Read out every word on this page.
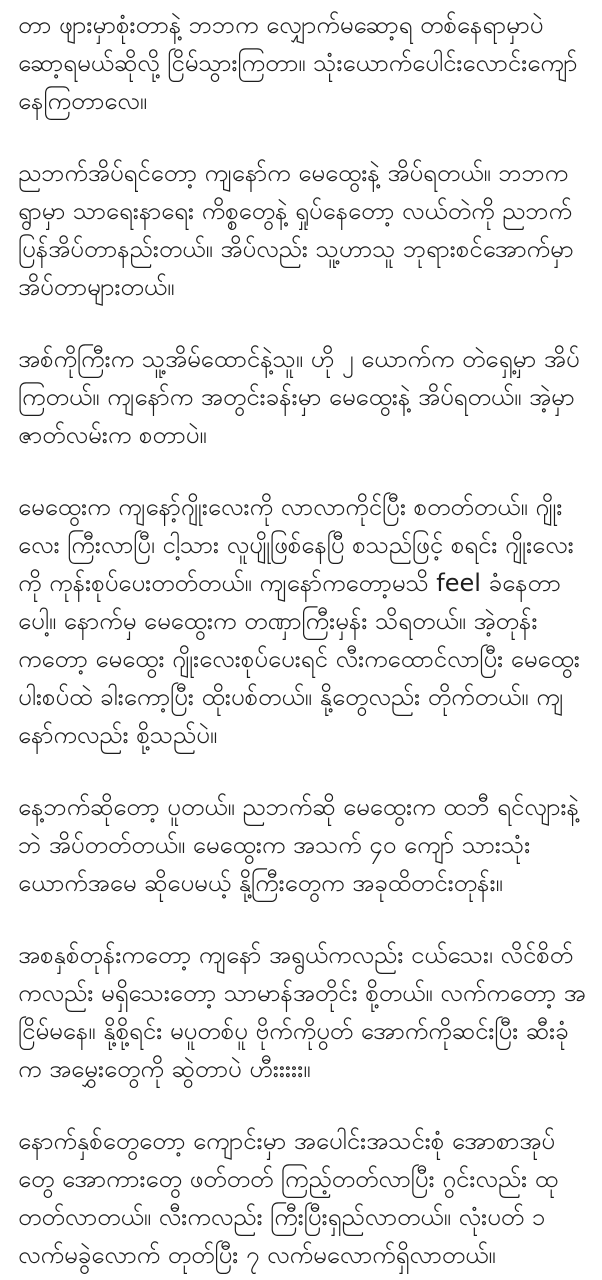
တာ ဖျားမှာစုံးတာနဲ့ ဘဘက လျှောက်မဆော့ရ တစ်နေရာမှာပဲ ဆော့ရမယ်ဆိုလို့ ငြိမ်သွားကြတာ။ သုံးယောက်ပေါင်းလောင်းကျော် နေကြတာလေ။

ညဘက်အိပ်ရင်တော့ ကျနော်က မေထွေးနဲ့ အိပ်ရတယ်။ ဘဘက ရွာမှာ သာရေးနာရေး ကိစ္စတွေနဲ့ ရှုပ်နေတော့ လယ်တဲကို ညဘက် ပြန်အိပ်တာနည်းတယ်။ အိပ်လည်း သူ့ဟာသူ ဘုရားစင်အောက်မှာ အိပ်တာများတယ်။

အစ်ကိုကြီးက သူ့အိမ်ထောင်နဲ့သူ။ ဟို ၂ ယောက်က တဲရှေ့မှာ အိပ်ကြတယ်။ ကျနော်က အတွင်းခန်းမှာ မေထွေးနဲ့ အိပ်ရတယ်။ အဲ့မှာ ဇာတ်လမ်းက စတာပဲ။

မေထွေးက ကျနော့်ဂျိုးလေးကို လာလာကိုင်ပြီး စတတ်တယ်။ ဂျိုးလေး ကြီးလာပြီ၊ ငါ့သား လူပျိုဖြစ်နေပြီ စသည်ဖြင့် စရင်း ဂျိုးလေးကို ကုန်းစုပ်ပေးတတ်တယ်။ ကျနော်ကတော့မသိ feel ခံနေတာပေါ့။ နောက်မှ မေထွေးက တဏှာကြီးမှန်း သိရတယ်။ အဲ့တုန်းကတော့ မေထွေး ဂျိုးလေးစုပ်ပေးရင် လီးကထောင်လာပြီး မေထွေးပါးစပ်ထဲ ခါးကော့ပြီး ထိုးပစ်တယ်။ နို့တွေလည်း တိုက်တယ်။ ကျနော်ကလည်း စို့သည်ပဲ။

နေ့ဘက်ဆိုတော့ ပူတယ်။ ညဘက်ဆို မေထွေးက ထဘီ ရင်လျားနဲ့ဘဲ အိပ်တတ်တယ်။ မေထွေးက အသက် ၄၀ ကျော် သားသုံးယောက်အမေ ဆိုပေမယ့် နို့ကြီးတွေက အခုထိတင်းတုန်း။

အစနှစ်တုန်းကတော့ ကျနော် အရွယ်ကလည်း ငယ်သေး၊ လိင်စိတ်ကလည်း မရှိသေးတော့ သာမာန်အတိုင်း စို့တယ်။ လက်ကတော့ အငြိမ်မနေ။ နို့စို့ရင်း မပူတစ်ပူ ဗိုက်ကိုပွတ် အောက်ကိုဆင်းပြီး ဆီးခုံက အမွှေးတွေကို ဆွဲတာပဲ ဟီးးးးး။

နောက်နှစ်တွေတော့ ကျောင်းမှာ အပေါင်းအသင်းစုံ အောစာအုပ်တွေ အောကားတွေ ဖတ်တတ် ကြည့်တတ်လာပြီး ဂွင်းလည်း ထုတတ်လာတယ်။ လီးကလည်း ကြီးပြီးရှည်လာတယ်။ လုံးပတ် ၁ လက်မခွဲလောက် တုတ်ပြီး ၇ လက်မလောက်ရှိလာတယ်။
